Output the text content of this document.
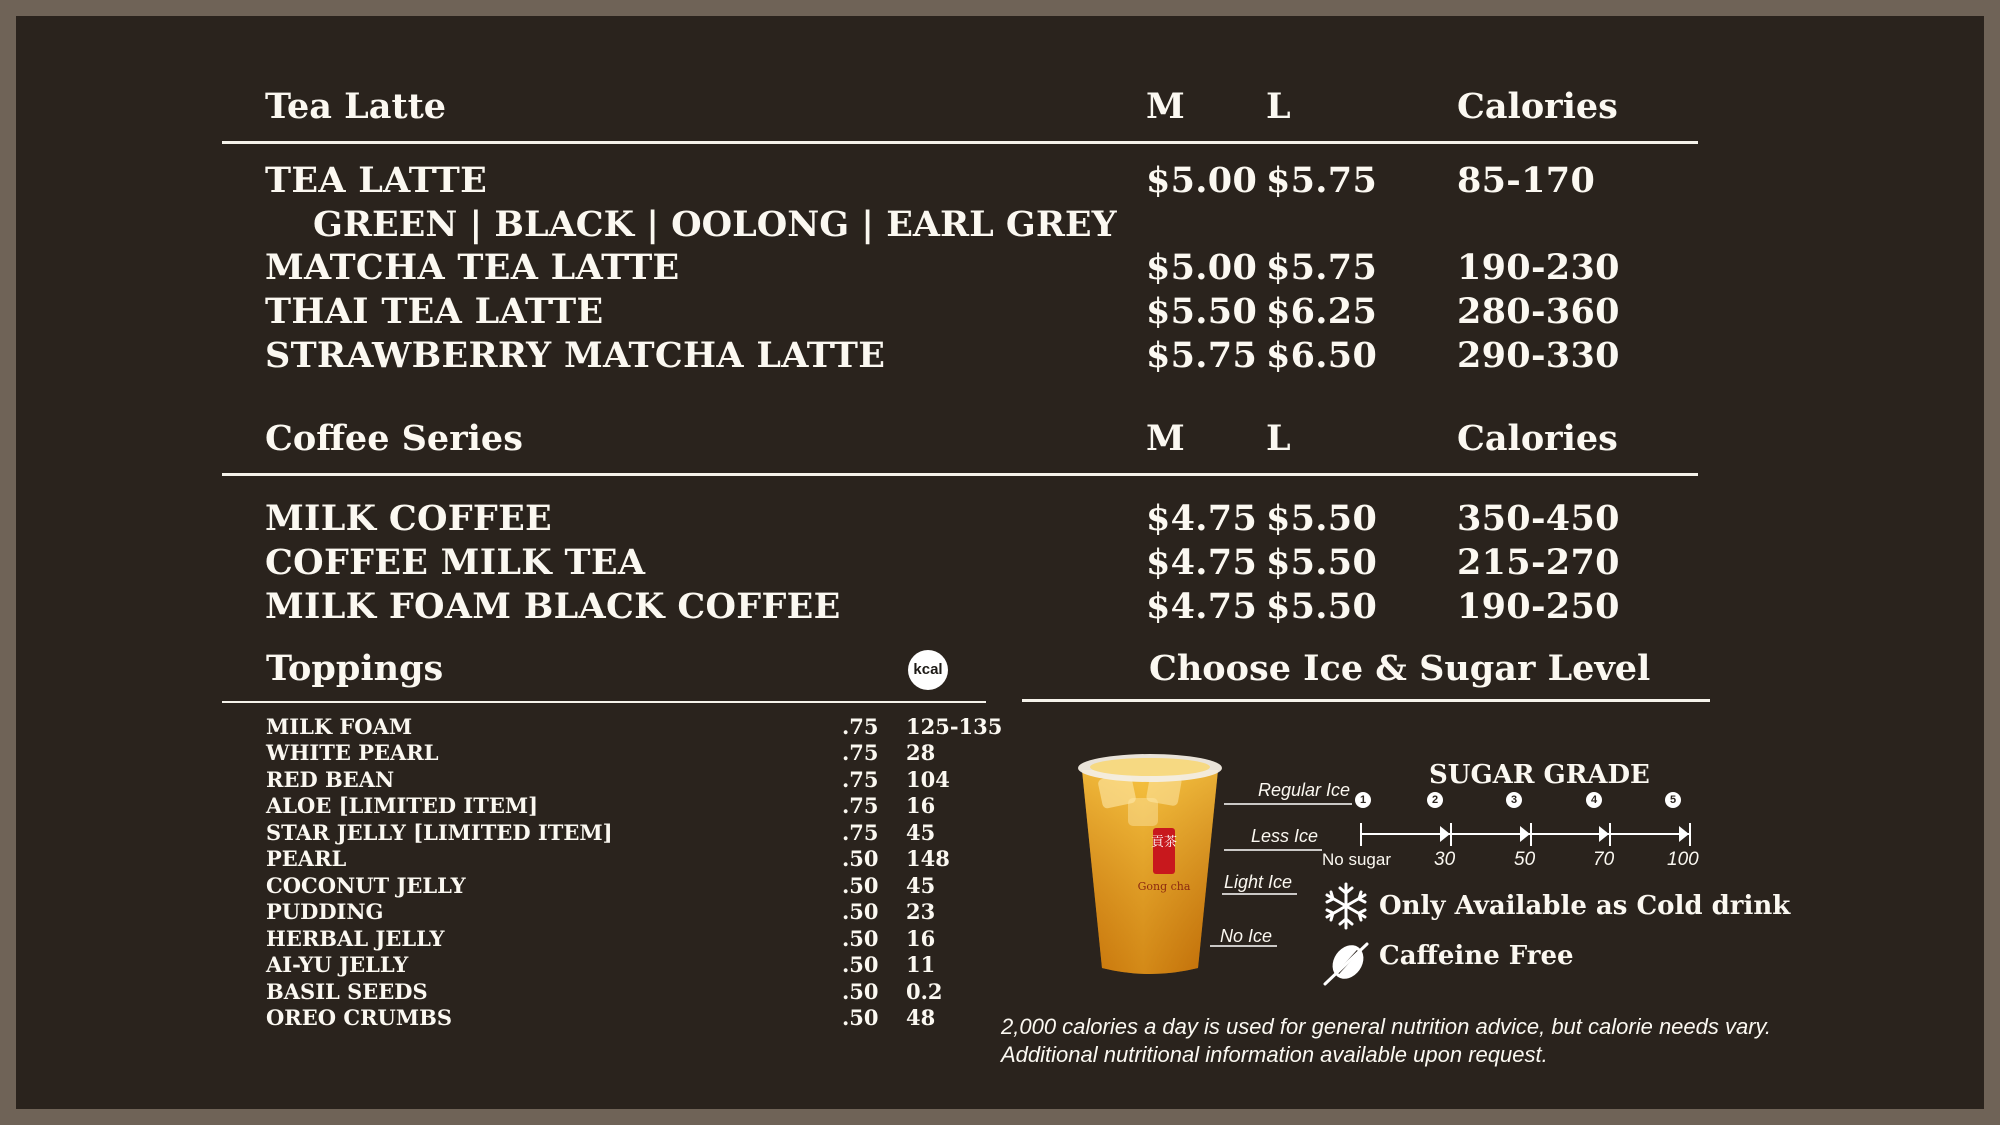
Tea Latte	M L	Calories
TEA LATTE	$5.00 $5.75 85-170
GREEN | BLACK | OOLONG | EARL GREY
MATCHA TEA LATTE	$5.00 $5.75 190-230
THAI TEA LATTE	$5.50 $6.25 280-360
STRAWBERRY MATCHA LATTE	$5.75 $6.50 290-330
Coffee Series	M L	Calories
MILK COFFEE	$4.75 $5.50 350-450
COFFEE MILK TEA	$4.75 $5.50 215-270
MILK FOAM BLACK COFFEE	$4.75 $5.50 190-250
Toppings	kcal
MILK FOAM	.75 125-135
WHITE PEARL	.75 28
RED BEAN	.75 104
ALOE [LIMITED ITEM]	.75 16
STAR JELLY [LIMITED ITEM]	.75 45
PEARL	.50 148
COCONUT JELLY	.50 45
PUDDING	.50 23
HERBAL JELLY	.50 16
AI-YU JELLY	.50 11
BASIL SEEDS	.50 0.2
OREO CRUMBS	.50 48
Choose Ice & Sugar Level
貢茶
Gong cha
Regular Ice
Less Ice
Light Ice
No Ice
SUGAR GRADE
1	2	3	4	5
No sugar 30	50	70	100
Only Available as Cold drink
Caffeine Free
2,000 calories a day is used for general nutrition advice, but calorie needs vary.
Additional nutritional information available upon request.
